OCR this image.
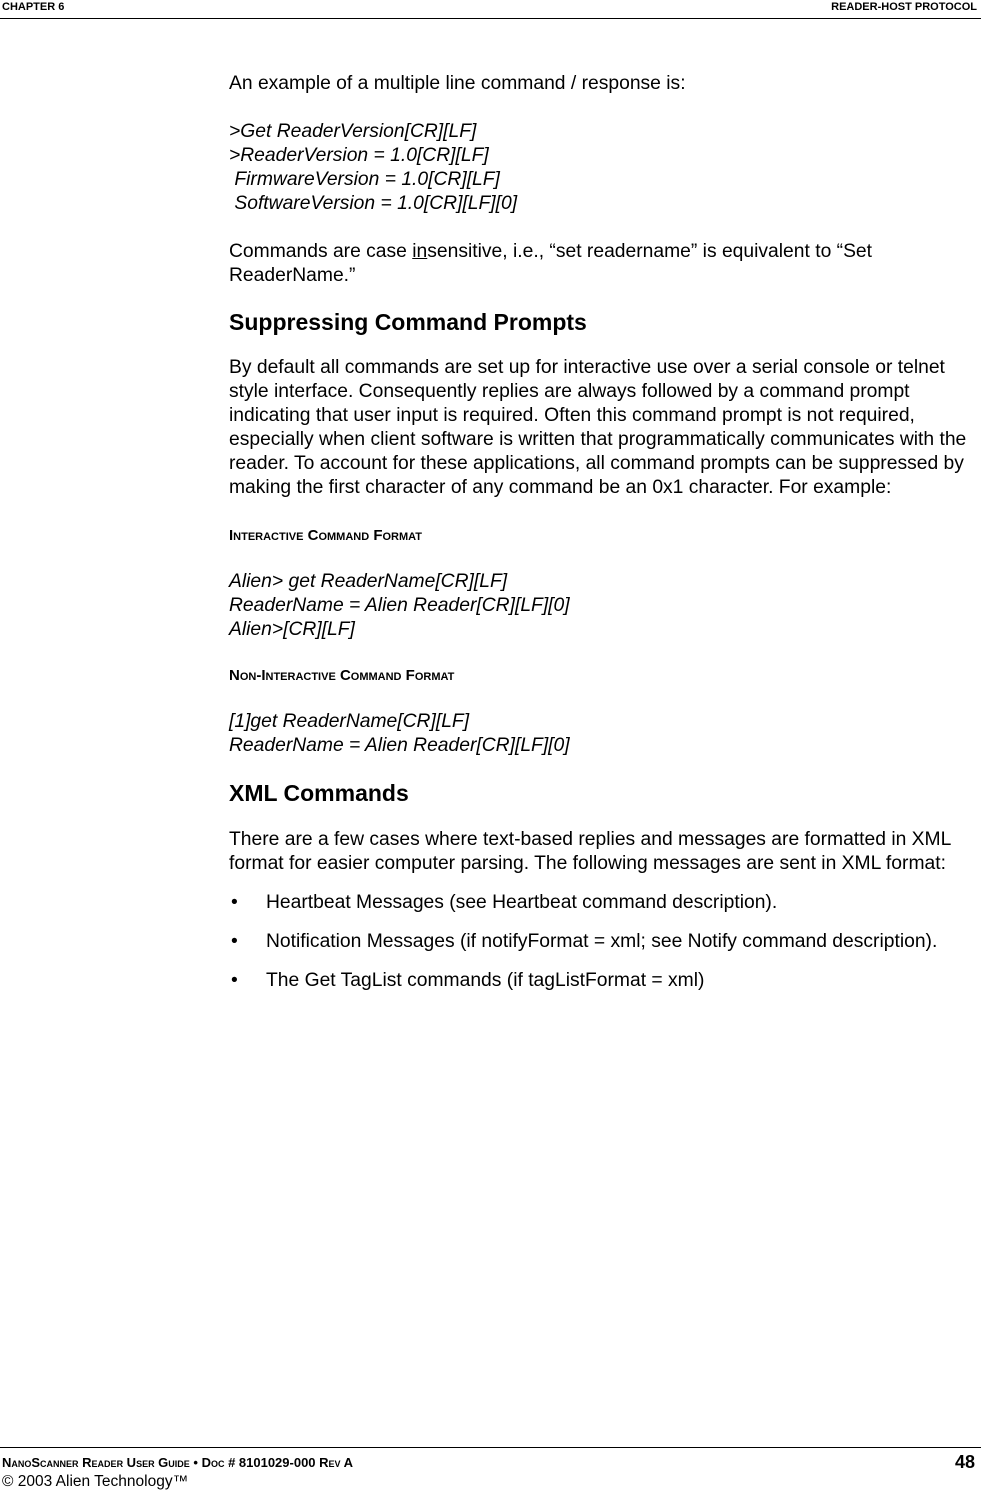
CHAPTER 6	READER-HOST PROTOCOL

An example of a multiple line command / response is:

>Get ReaderVersion[CR][LF]

>ReaderVersion = 1.0[CR][LF]

FirmwareVersion = 1.0[CR][LF]

SoftwareVersion = 1.0[CR][LF][0]

Commands are case insensitive, i.e., “set readername” is equivalent to “Set ReaderName.”

Suppressing Command Prompts

By default all commands are set up for interactive use over a serial console or telnet style interface. Consequently replies are always followed by a command prompt indicating that user input is required. Often this command prompt is not required, especially when client software is written that programmatically communicates with the reader. To account for these applications, all command prompts can be suppressed by making the first character of any command be an 0x1 character. For example:

Interactive Command Format

Alien> get ReaderName[CR][LF]

ReaderName = Alien Reader[CR][LF][0]

Alien>[CR][LF]

Non-Interactive Command Format

[1]get ReaderName[CR][LF]

ReaderName = Alien Reader[CR][LF][0]

XML Commands

There are a few cases where text-based replies and messages are formatted in XML format for easier computer parsing. The following messages are sent in XML format:

• Heartbeat Messages (see Heartbeat command description).
• Notification Messages (if notifyFormat = xml; see Notify command description).
• The Get TagList commands (if tagListFormat = xml)
NanoScanner Reader User Guide • Doc # 8101029-000 Rev A	48
© 2003 Alien Technology™
